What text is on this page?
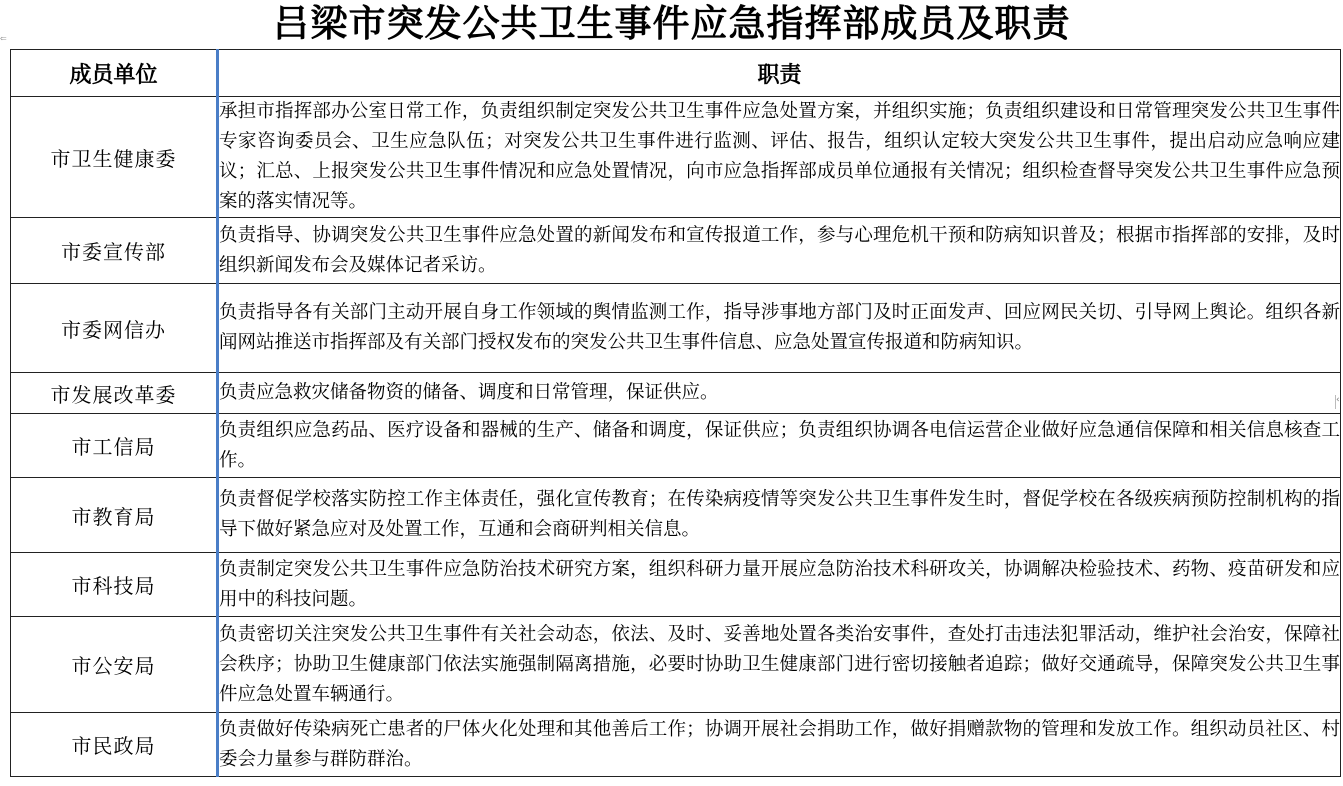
⇐	吕梁市突发公共卫生事件应急指挥部成员及职责
成员单位	职责
市卫生健康委	承担市指挥部办公室日常工作，负责组织制定突发公共卫生事件应急处置方案，并组织实施；负责组织建设和日常管理突发公共卫生事件专家咨询委员会、卫生应急队伍；对突发公共卫生事件进行监测、评估、报告，组织认定较大突发公共卫生事件，提出启动应急响应建议；汇总、上报突发公共卫生事件情况和应急处置情况，向市应急指挥部成员单位通报有关情况；组织检查督导突发公共卫生事件应急预案的落实情况等。
市委宣传部	负责指导、协调突发公共卫生事件应急处置的新闻发布和宣传报道工作，参与心理危机干预和防病知识普及；根据市指挥部的安排，及时组织新闻发布会及媒体记者采访。
市委网信办	负责指导各有关部门主动开展自身工作领域的舆情监测工作，指导涉事地方部门及时正面发声、回应网民关切、引导网上舆论。组织各新闻网站推送市指挥部及有关部门授权发布的突发公共卫生事件信息、应急处置宣传报道和防病知识。
市发展改革委	负责应急救灾储备物资的储备、调度和日常管理，保证供应。
市工信局	负责组织应急药品、医疗设备和器械的生产、储备和调度，保证供应；负责组织协调各电信运营企业做好应急通信保障和相关信息核查工作。
市教育局	负责督促学校落实防控工作主体责任，强化宣传教育；在传染病疫情等突发公共卫生事件发生时，督促学校在各级疾病预防控制机构的指导下做好紧急应对及处置工作，互通和会商研判相关信息。
市科技局	负责制定突发公共卫生事件应急防治技术研究方案，组织科研力量开展应急防治技术科研攻关，协调解决检验技术、药物、疫苗研发和应用中的科技问题。
市公安局	负责密切关注突发公共卫生事件有关社会动态，依法、及时、妥善地处置各类治安事件，查处打击违法犯罪活动，维护社会治安，保障社会秩序；协助卫生健康部门依法实施强制隔离措施，必要时协助卫生健康部门进行密切接触者追踪；做好交通疏导，保障突发公共卫生事件应急处置车辆通行。
市民政局	负责做好传染病死亡患者的尸体火化处理和其他善后工作；协调开展社会捐助工作，做好捐赠款物的管理和发放工作。组织动员社区、村委会力量参与群防群治。
‹
